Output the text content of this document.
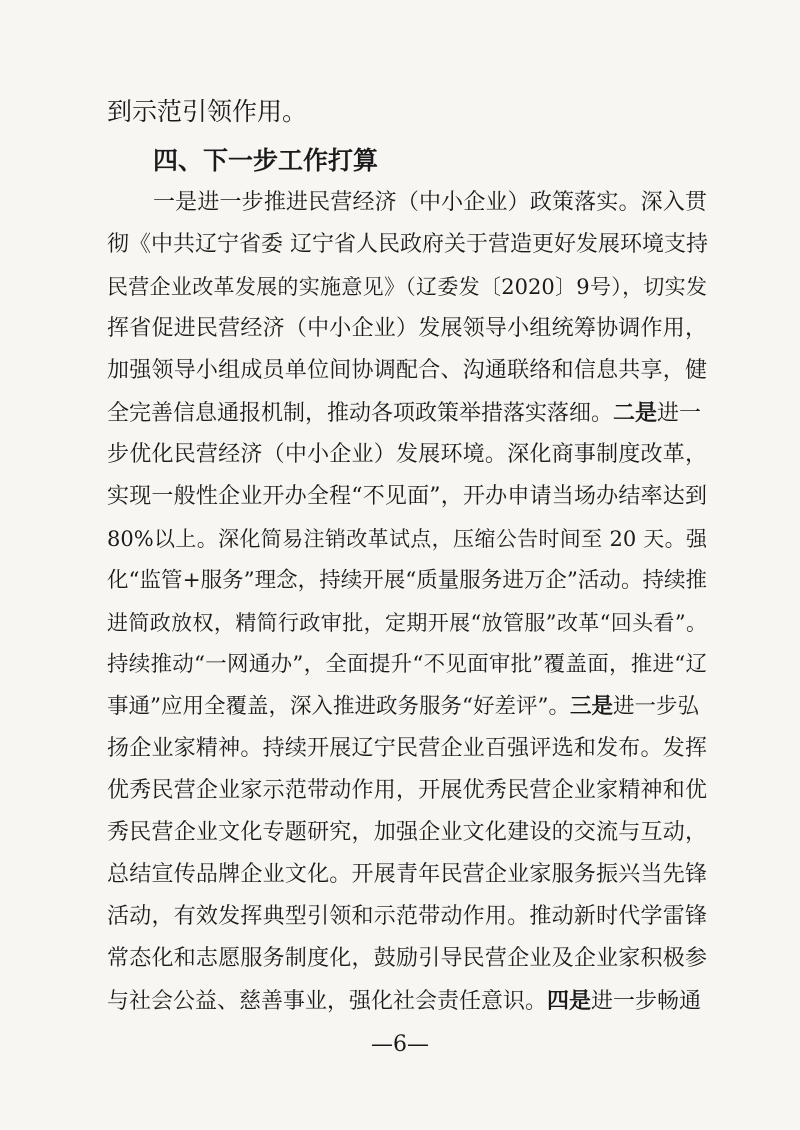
到示范引领作用。
四、下一步工作打算
一是进一步推进民营经济（中小企业）政策落实。深入贯
彻《中共辽宁省委 辽宁省人民政府关于营造更好发展环境支持
民营企业改革发展的实施意见》（辽委发〔2020〕9号），切实发
挥省促进民营经济（中小企业）发展领导小组统筹协调作用，
加强领导小组成员单位间协调配合、沟通联络和信息共享，健
全完善信息通报机制，推动各项政策举措落实落细。二是进一
步优化民营经济（中小企业）发展环境。深化商事制度改革，
实现一般性企业开办全程“不见面”，开办申请当场办结率达到
80%以上。深化简易注销改革试点，压缩公告时间至 20 天。强
化“监管+服务”理念，持续开展“质量服务进万企”活动。持续推
进简政放权，精简行政审批，定期开展“放管服”改革“回头看”。
持续推动“一网通办”，全面提升“不见面审批”覆盖面，推进“辽
事通”应用全覆盖，深入推进政务服务“好差评”。三是进一步弘
扬企业家精神。持续开展辽宁民营企业百强评选和发布。发挥
优秀民营企业家示范带动作用，开展优秀民营企业家精神和优
秀民营企业文化专题研究，加强企业文化建设的交流与互动，
总结宣传品牌企业文化。开展青年民营企业家服务振兴当先锋
活动，有效发挥典型引领和示范带动作用。推动新时代学雷锋
常态化和志愿服务制度化，鼓励引导民营企业及企业家积极参
与社会公益、慈善事业，强化社会责任意识。四是进一步畅通
—6—
